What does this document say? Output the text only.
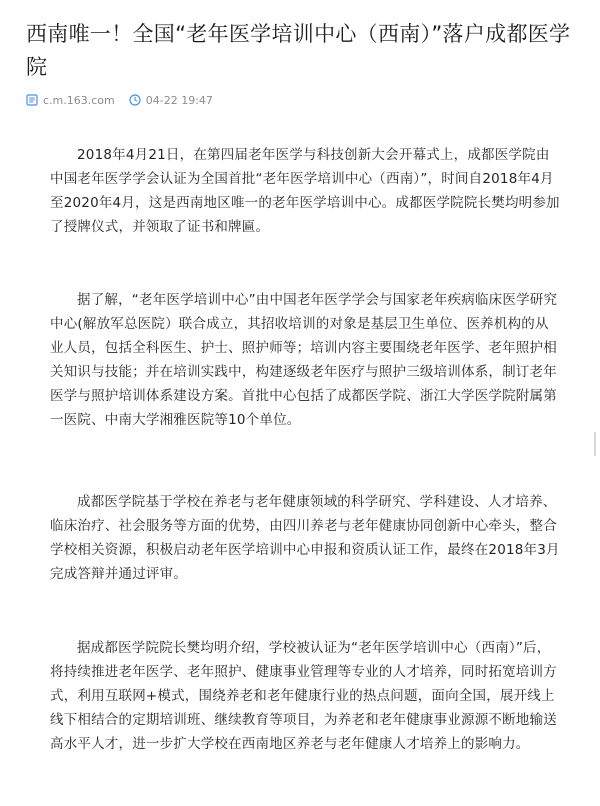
西南唯一！全国“老年医学培训中心（西南）”落户成都医学院
c.m.163.com	04-22 19:47

2018年4月21日，在第四届老年医学与科技创新大会开幕式上，成都医学院由中国老年医学学会认证为全国首批“老年医学培训中心（西南）”，时间自2018年4月至2020年4月，这是西南地区唯一的老年医学培训中心。成都医学院院长樊均明参加了授牌仪式，并领取了证书和牌匾。

据了解，“老年医学培训中心”由中国老年医学学会与国家老年疾病临床医学研究中心(解放军总医院）联合成立，其招收培训的对象是基层卫生单位、医养机构的从业人员，包括全科医生、护士、照护师等；培训内容主要围绕老年医学、老年照护相关知识与技能；并在培训实践中，构建逐级老年医疗与照护三级培训体系，制订老年医学与照护培训体系建设方案。首批中心包括了成都医学院、浙江大学医学院附属第一医院、中南大学湘雅医院等10个单位。

成都医学院基于学校在养老与老年健康领域的科学研究、学科建设、人才培养、临床治疗、社会服务等方面的优势，由四川养老与老年健康协同创新中心牵头，整合学校相关资源，积极启动老年医学培训中心申报和资质认证工作，最终在2018年3月完成答辩并通过评审。

据成都医学院院长樊均明介绍，学校被认证为“老年医学培训中心（西南）”后，将持续推进老年医学、老年照护、健康事业管理等专业的人才培养，同时拓宽培训方式，利用互联网+模式，围绕养老和老年健康行业的热点问题，面向全国，展开线上线下相结合的定期培训班、继续教育等项目，为养老和老年健康事业源源不断地输送高水平人才，进一步扩大学校在西南地区养老与老年健康人才培养上的影响力。
